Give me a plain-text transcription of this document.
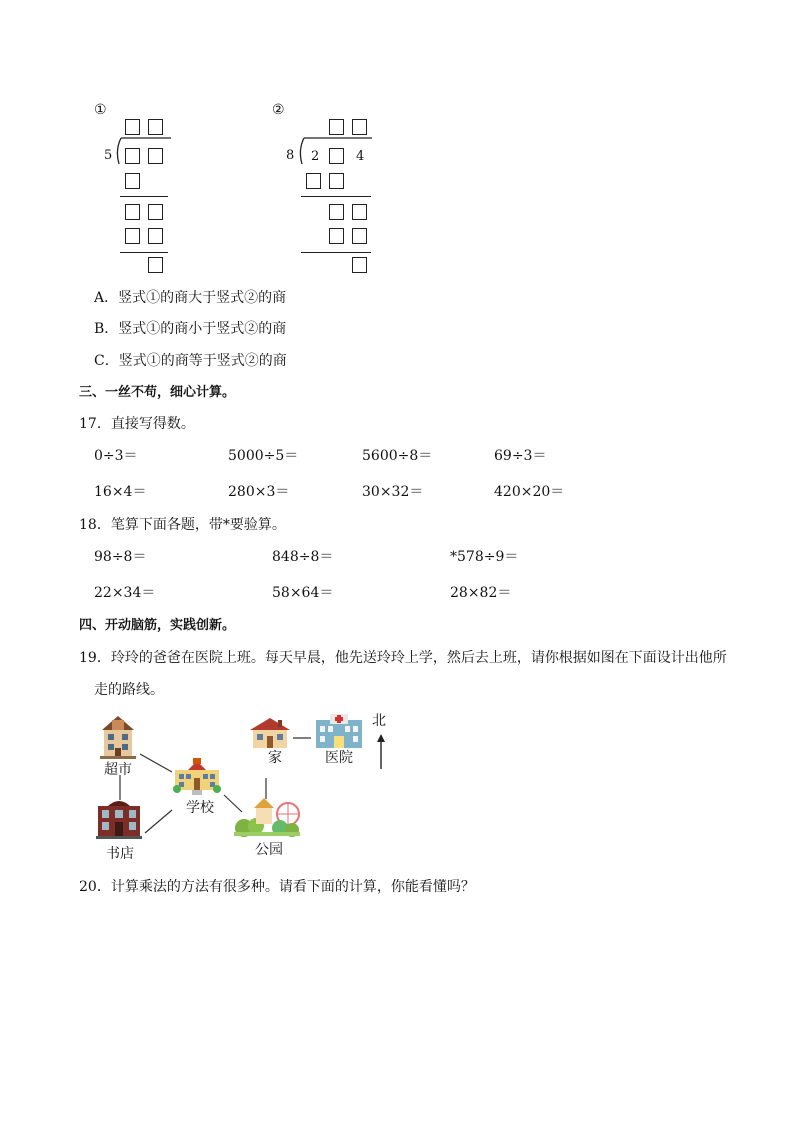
①
5
②
8 2	4
A．竖式①的商大于竖式②的商
B．竖式①的商小于竖式②的商
C．竖式①的商等于竖式②的商
三、一丝不苟，细心计算。
17．直接写得数。
0÷3＝	5000÷5＝	5600÷8＝	69÷3＝
16×4＝	280×3＝	30×32＝	420×20＝
18．笔算下面各题，带*要验算。
98÷8＝	848÷8＝	*578÷9＝
22×34＝	58×64＝	28×82＝
四、开动脑筋，实践创新。
19．玲玲的爸爸在医院上班。每天早晨，他先送玲玲上学，然后去上班，请你根据如图在下面设计出他所
走的路线。
超市
学校
书店
家	医院
北
公园
20．计算乘法的方法有很多种。请看下面的计算，你能看懂吗？
